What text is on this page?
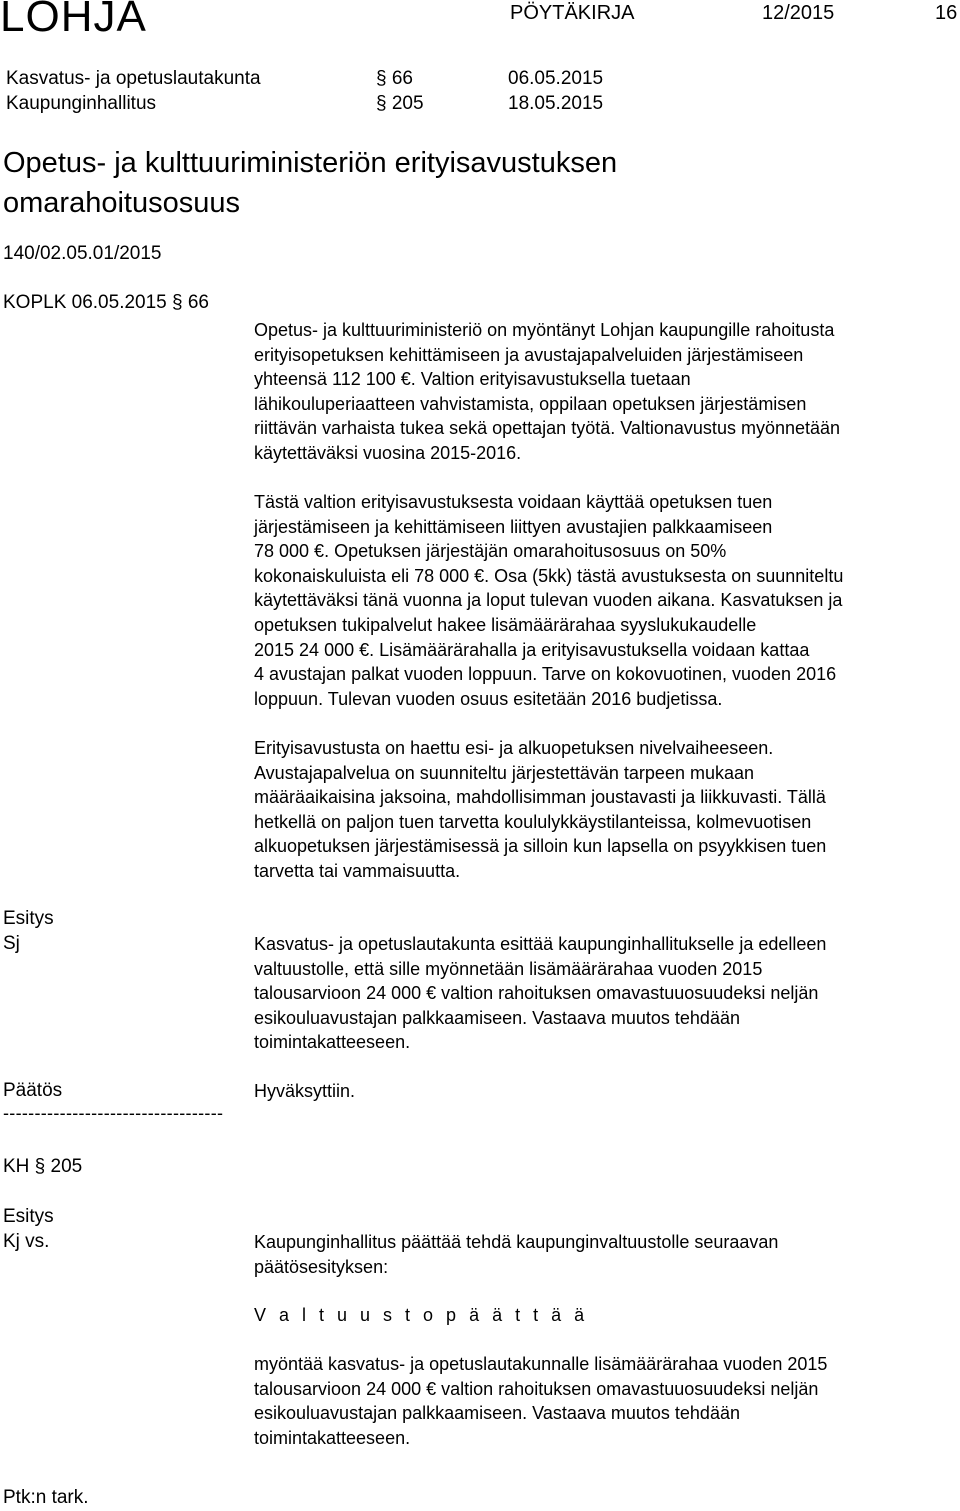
LOHJA	PÖYTÄKIRJA	12/2015	16
Kasvatus- ja opetuslautakunta	§ 66	06.05.2015
Kaupunginhallitus	§ 205	18.05.2015
Opetus- ja kulttuuriministeriön erityisavustuksen
omarahoitusosuus
140/02.05.01/2015
KOPLK 06.05.2015 § 66
Opetus- ja kulttuuriministeriö on myöntänyt Lohjan kaupungille rahoitusta
erityisopetuksen kehittämiseen ja avustajapalveluiden järjestämiseen
yhteensä 112 100 €. Valtion erityisavustuksella tuetaan
lähikouluperiaatteen vahvistamista, oppilaan opetuksen järjestämisen
riittävän varhaista tukea sekä opettajan työtä. Valtionavustus myönnetään
käytettäväksi vuosina 2015-2016.
Tästä valtion erityisavustuksesta voidaan käyttää opetuksen tuen
järjestämiseen ja kehittämiseen liittyen avustajien palkkaamiseen
78 000 €. Opetuksen järjestäjän omarahoitusosuus on 50%
kokonaiskuluista eli 78 000 €. Osa (5kk) tästä avustuksesta on suunniteltu
käytettäväksi tänä vuonna ja loput tulevan vuoden aikana. Kasvatuksen ja
opetuksen tukipalvelut hakee lisämäärärahaa syyslukukaudelle
2015 24 000 €. Lisämäärärahalla ja erityisavustuksella voidaan kattaa
4 avustajan palkat vuoden loppuun. Tarve on kokovuotinen, vuoden 2016
loppuun. Tulevan vuoden osuus esitetään 2016 budjetissa.
Erityisavustusta on haettu esi- ja alkuopetuksen nivelvaiheeseen.
Avustajapalvelua on suunniteltu järjestettävän tarpeen mukaan
määräaikaisina jaksoina, mahdollisimman joustavasti ja liikkuvasti. Tällä
hetkellä on paljon tuen tarvetta koululykkäystilanteissa, kolmevuotisen
alkuopetuksen järjestämisessä ja silloin kun lapsella on psyykkisen tuen
tarvetta tai vammaisuutta.
Esitys
Sj	Kasvatus- ja opetuslautakunta esittää kaupunginhallitukselle ja edelleen
valtuustolle, että sille myönnetään lisämäärärahaa vuoden 2015
talousarvioon 24 000 € valtion rahoituksen omavastuuosuudeksi neljän
esikouluavustajan palkkaamiseen. Vastaava muutos tehdään
toimintakatteeseen.
Päätös	Hyväksyttiin.
-----------------------------------
KH § 205
Esitys
Kj vs.	Kaupunginhallitus päättää tehdä kaupunginvaltuustolle seuraavan
päätösesityksen:
V a l t u u s t o p ä ä t t ä ä
myöntää kasvatus- ja opetuslautakunnalle lisämäärärahaa vuoden 2015
talousarvioon 24 000 € valtion rahoituksen omavastuuosuudeksi neljän
esikouluavustajan palkkaamiseen. Vastaava muutos tehdään
toimintakatteeseen.
Ptk:n tark.
